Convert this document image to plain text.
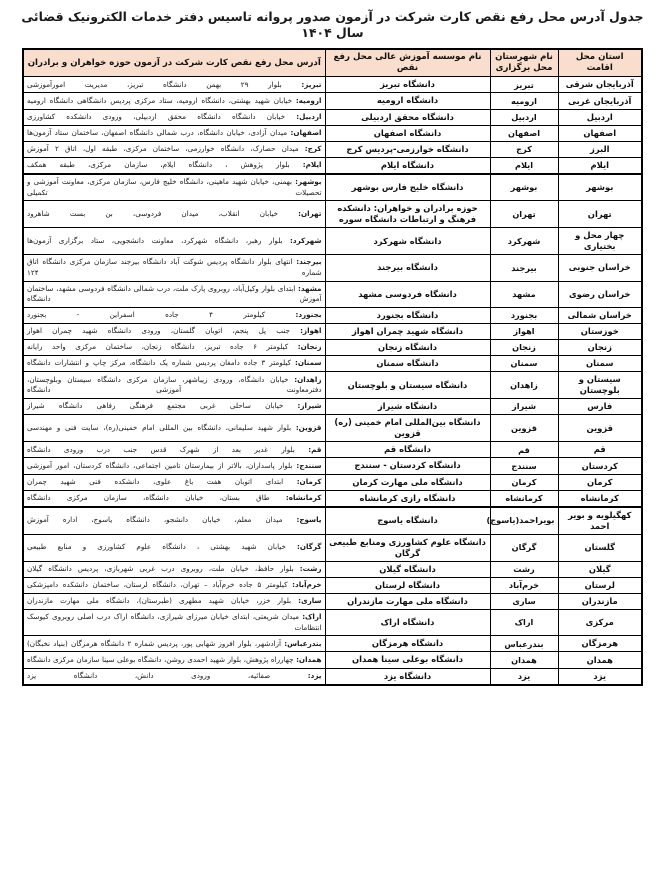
جدول آدرس محل رفع نقص کارت شرکت در آزمون صدور پروانه تاسیس دفتر خدمات الکترونیک قضائی سال ۱۴۰۴
استان محل اقامت	نام شهرستان محل برگزاری	نام موسسه آموزش عالی محل رفع نقص	آدرس محل رفع نقص کارت شرکت در آزمون حوزه خواهران و برادران
آذربایجان شرقی	تبریز	دانشگاه تبریز	تبریز: بلوار ۲۹ بهمن دانشگاه تبریز، مدیریت امورآموزشی
آذربایجان غربی	ارومیه	دانشگاه ارومیه	ارومیه: خیابان شهید بهشتی، دانشگاه ارومیه، ستاد مرکزی پردیس دانشگاهی دانشگاه ارومیه
اردبیل	اردبیل	دانشگاه محقق اردبیلی	اردبیل: خیابان دانشگاه دانشگاه محقق اردبیلی، ورودی دانشکده کشاورزی
اصفهان	اصفهان	دانشگاه اصفهان	اصفهان: میدان آزادی، خیابان دانشگاه، درب شمالی دانشگاه اصفهان، ساختمان ستاد آزمون‌ها
البرز	کرج	دانشگاه خوارزمی-پردیس کرج	کرج: میدان حصارک، دانشگاه خوارزمی، ساختمان مرکزی، طبقه اول، اتاق ۲ آموزش
ایلام	ایلام	دانشگاه ایلام	ایلام: بلوار پژوهش ، دانشگاه ایلام، سازمان مرکزی، طبقه همکف
بوشهر	بوشهر	دانشگاه خلیج فارس بوشهر	بوشهر: بهمنی، خیابان شهید ماهینی، دانشگاه خلیج فارس، سازمان مرکزی، معاونت آموزشی و تحصیلات تکمیلی
تهران	تهران	حوزه برادران و خواهران: دانشکده فرهنگ و ارتباطات دانشگاه سوره	تهران: خیابان انقلاب، میدان فردوسی، بن بست شاهرود
چهار محل و بختیاری	شهرکرد	دانشگاه شهرکرد	شهرکرد: بلوار رهبر، دانشگاه شهرکرد، معاونت دانشجویی، ستاد برگزاری آزمون‌ها
خراسان جنوبی	بیرجند	دانشگاه بیرجند	بیرجند: انتهای بلوار دانشگاه پردیس شوکت آباد دانشگاه بیرجند سازمان مرکزی دانشگاه اتاق شماره ۱۲۴
خراسان رضوی	مشهد	دانشگاه فردوسی مشهد	مشهد: ابتدای بلوار وکیل‌آباد، روبروی پارک ملت، درب شمالی دانشگاه فردوسی مشهد، ساختمان آموزش دانشگاه
خراسان شمالی	بجنورد	دانشگاه بجنورد	بجنورد: کیلومتر ۴ جاده اسفراین - بجنورد
خوزستان	اهواز	دانشگاه شهید چمران اهواز	اهواز: جنب پل پنجم، اتوبان گلستان، ورودی دانشگاه شهید چمران اهواز
زنجان	زنجان	دانشگاه زنجان	زنجان: کیلومتر ۶ جاده تبریز، دانشگاه زنجان، ساختمان مرکزی واحد رایانه
سمنان	سمنان	دانشگاه سمنان	سمنان: کیلومتر ۳ جاده دامغان پردیس شماره یک دانشگاه، مرکز چاپ و انتشارات دانشگاه
سیستان و بلوچستان	زاهدان	دانشگاه سیستان و بلوچستان	زاهدان: خیابان دانشگاه، ورودی زیباشهر، سازمان مرکزی دانشگاه سیستان وبلوچستان، دفترمعاونت آموزشی دانشگاه
فارس	شیراز	دانشگاه شیراز	شیراز: خیابان ساحلی غربی مجتمع فرهنگی رفاهی دانشگاه شیراز
قزوین	قزوین	دانشگاه بین‌المللی امام خمینی (ره) قزوین	قزوین: بلوار شهید سلیمانی، دانشگاه بین المللی امام خمینی(ره)، سایت فنی و مهندسی
قم	قم	دانشگاه قم	قم: بلوار غدیر بعد از شهرک قدس جنب درب ورودی دانشگاه
کردستان	سنندج	دانشگاه کردستان - سنندج	سنندج: بلوار پاسداران، بالاتر از بیمارستان تامین اجتماعی، دانشگاه کردستان، امور آموزشی
کرمان	کرمان	دانشگاه ملی مهارت کرمان	کرمان: ابتدای اتوبان هفت باغ علوی، دانشکده فنی شهید چمران
کرمانشاه	کرمانشاه	دانشگاه رازی کرمانشاه	کرمانشاه: طاق بستان، خیابان دانشگاه، سازمان مرکزی دانشگاه
کهگیلویه و بویر احمد	بویراحمد(یاسوج)	دانشگاه یاسوج	یاسوج: میدان معلم، خیابان دانشجو، دانشگاه یاسوج، اداره آموزش
گلستان	گرگان	دانشگاه علوم کشاورزی ومنابع طبیعی گرگان	گرگان: خیابان شهید بهشتی ، دانشگاه علوم کشاورزی و منابع طبیعی
گیلان	رشت	دانشگاه گیلان	رشت: بلوار حافظ، خیابان ملت، روبروی درب غربی شهربازی، پردیس دانشگاه گیلان
لرستان	خرم‌آباد	دانشگاه لرستان	خرم‌آباد: کیلومتر ۵ جاده خرم‌آباد – تهران، دانشگاه لرستان، ساختمان دانشکده دامپزشکی
مازندران	ساری	دانشگاه ملی مهارت مازندران	ساری: بلوار خزر، خیابان شهید مطهری (طبرستان)، دانشگاه ملی مهارت مازندران
مرکزی	اراک	دانشگاه اراک	اراک: میدان شریعتی، ابتدای خیابان میرزای شیرازی، دانشگاه اراک درب اصلی روبروی کیوسک انتظامات
هرمزگان	بندرعباس	دانشگاه هرمزگان	بندرعباس: آزادشهر، بلوار افروز شهابی پور، پردیس شماره ۲ دانشگاه هرمزگان (بنیاد نخبگان)
همدان	همدان	دانشگاه بوعلی سینا همدان	همدان: چهارراه پژوهش، بلوار شهید احمدی روشن، دانشگاه بوعلی سینا سازمان مرکزی دانشگاه
یزد	یزد	دانشگاه یزد	یزد: صفائیه، ورودی دانش، دانشگاه یزد
